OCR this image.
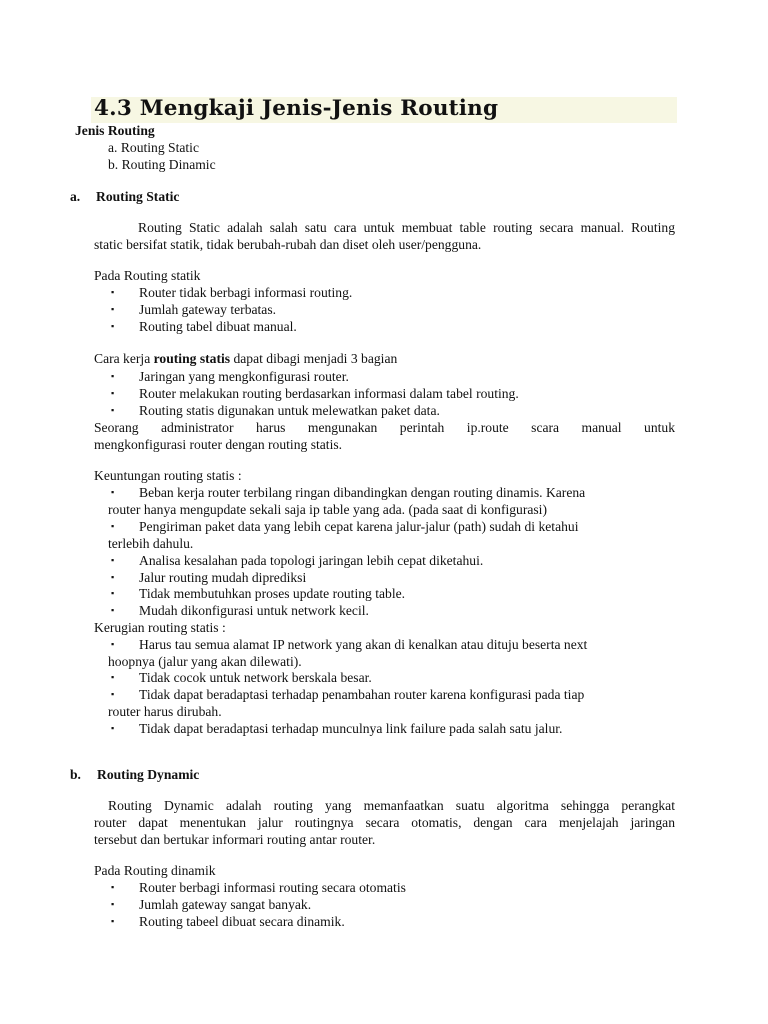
4.3 Mengkaji Jenis-Jenis Routing
Jenis Routing
a. Routing Static
b. Routing Dinamic
a. Routing Static
Routing Static adalah salah satu cara untuk membuat table routing secara manual. Routing
static bersifat statik, tidak berubah-rubah dan diset oleh user/pengguna.
Pada Routing statik
▪ Router tidak berbagi informasi routing.
▪ Jumlah gateway terbatas.
▪ Routing tabel dibuat manual.
Cara kerja routing statis dapat dibagi menjadi 3 bagian
▪ Jaringan yang mengkonfigurasi router.
▪ Router melakukan routing berdasarkan informasi dalam tabel routing.
▪ Routing statis digunakan untuk melewatkan paket data.
Seorang administrator harus mengunakan perintah ip.route scara manual untuk
mengkonfigurasi router dengan routing statis.
Keuntungan routing statis :
▪ Beban kerja router terbilang ringan dibandingkan dengan routing dinamis. Karena
router hanya mengupdate sekali saja ip table yang ada. (pada saat di konfigurasi)
▪ Pengiriman paket data yang lebih cepat karena jalur-jalur (path) sudah di ketahui
terlebih dahulu.
▪ Analisa kesalahan pada topologi jaringan lebih cepat diketahui.
▪ Jalur routing mudah diprediksi
▪ Tidak membutuhkan proses update routing table.
▪ Mudah dikonfigurasi untuk network kecil.
Kerugian routing statis :
▪ Harus tau semua alamat IP network yang akan di kenalkan atau dituju beserta next
hoopnya (jalur yang akan dilewati).
▪ Tidak cocok untuk network berskala besar.
▪ Tidak dapat beradaptasi terhadap penambahan router karena konfigurasi pada tiap
router harus dirubah.
▪ Tidak dapat beradaptasi terhadap munculnya link failure pada salah satu jalur.
b. Routing Dynamic
Routing Dynamic adalah routing yang memanfaatkan suatu algoritma sehingga perangkat
router dapat menentukan jalur routingnya secara otomatis, dengan cara menjelajah jaringan
tersebut dan bertukar informari routing antar router.
Pada Routing dinamik
▪ Router berbagi informasi routing secara otomatis
▪ Jumlah gateway sangat banyak.
▪ Routing tabeel dibuat secara dinamik.
